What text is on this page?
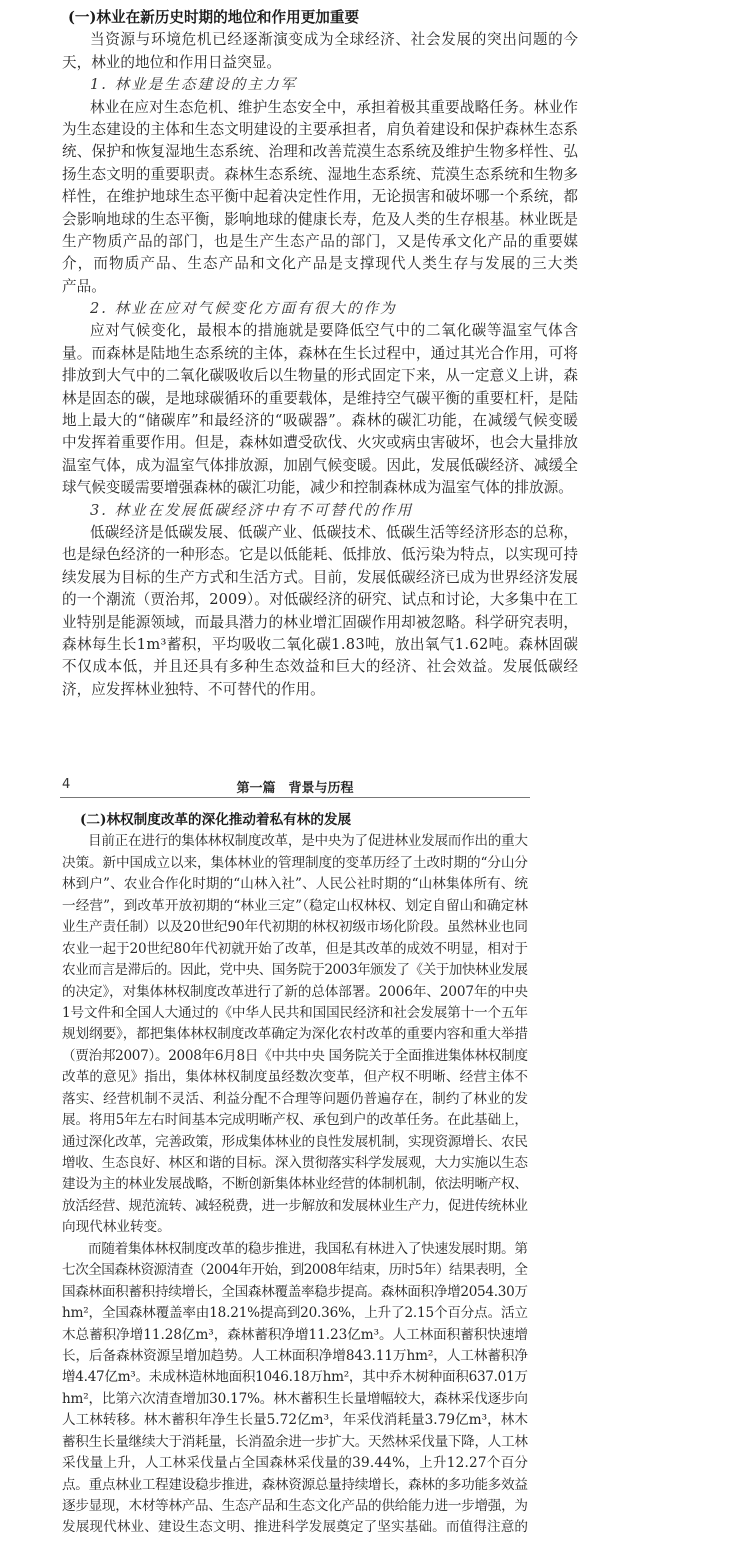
(一)林业在新历史时期的地位和作用更加重要
当资源与环境危机已经逐渐演变成为全球经济、社会发展的突出问题的今
天，林业的地位和作用日益突显。
1. 林业是生态建设的主力军
林业在应对生态危机、维护生态安全中，承担着极其重要战略任务。林业作
为生态建设的主体和生态文明建设的主要承担者，肩负着建设和保护森林生态系
统、保护和恢复湿地生态系统、治理和改善荒漠生态系统及维护生物多样性、弘
扬生态文明的重要职责。森林生态系统、湿地生态系统、荒漠生态系统和生物多
样性，在维护地球生态平衡中起着决定性作用，无论损害和破坏哪一个系统，都
会影响地球的生态平衡，影响地球的健康长寿，危及人类的生存根基。林业既是
生产物质产品的部门，也是生产生态产品的部门，又是传承文化产品的重要媒
介，而物质产品、生态产品和文化产品是支撑现代人类生存与发展的三大类
产品。
2. 林业在应对气候变化方面有很大的作为
应对气候变化，最根本的措施就是要降低空气中的二氧化碳等温室气体含
量。而森林是陆地生态系统的主体，森林在生长过程中，通过其光合作用，可将
排放到大气中的二氧化碳吸收后以生物量的形式固定下来，从一定意义上讲，森
林是固态的碳，是地球碳循环的重要载体，是维持空气碳平衡的重要杠杆，是陆
地上最大的“储碳库”和最经济的“吸碳器”。森林的碳汇功能，在减缓气候变暖
中发挥着重要作用。但是，森林如遭受砍伐、火灾或病虫害破坏，也会大量排放
温室气体，成为温室气体排放源，加剧气候变暖。因此，发展低碳经济、减缓全
球气候变暖需要增强森林的碳汇功能，减少和控制森林成为温室气体的排放源。
3. 林业在发展低碳经济中有不可替代的作用
低碳经济是低碳发展、低碳产业、低碳技术、低碳生活等经济形态的总称，
也是绿色经济的一种形态。它是以低能耗、低排放、低污染为特点，以实现可持
续发展为目标的生产方式和生活方式。目前，发展低碳经济已成为世界经济发展
的一个潮流（贾治邦，2009）。对低碳经济的研究、试点和讨论，大多集中在工
业特别是能源领域，而最具潜力的林业增汇固碳作用却被忽略。科学研究表明，
森林每生长1m³蓄积，平均吸收二氧化碳1.83吨，放出氧气1.62吨。森林固碳
不仅成本低，并且还具有多种生态效益和巨大的经济、社会效益。发展低碳经
济，应发挥林业独特、不可替代的作用。
4	第一篇　背景与历程
(二)林权制度改革的深化推动着私有林的发展
目前正在进行的集体林权制度改革，是中央为了促进林业发展而作出的重大
决策。新中国成立以来，集体林业的管理制度的变革历经了土改时期的“分山分
林到户”、农业合作化时期的“山林入社”、人民公社时期的“山林集体所有、统
一经营”，到改革开放初期的“林业三定”（稳定山权林权、划定自留山和确定林
业生产责任制）以及20世纪90年代初期的林权初级市场化阶段。虽然林业也同
农业一起于20世纪80年代初就开始了改革，但是其改革的成效不明显，相对于
农业而言是滞后的。因此，党中央、国务院于2003年颁发了《关于加快林业发展
的决定》，对集体林权制度改革进行了新的总体部署。2006年、2007年的中央
1号文件和全国人大通过的《中华人民共和国国民经济和社会发展第十一个五年
规划纲要》，都把集体林权制度改革确定为深化农村改革的重要内容和重大举措
（贾治邦2007）。2008年6月8日《中共中央 国务院关于全面推进集体林权制度
改革的意见》指出，集体林权制度虽经数次变革，但产权不明晰、经营主体不
落实、经营机制不灵活、利益分配不合理等问题仍普遍存在，制约了林业的发
展。将用5年左右时间基本完成明晰产权、承包到户的改革任务。在此基础上，
通过深化改革，完善政策，形成集体林业的良性发展机制，实现资源增长、农民
增收、生态良好、林区和谐的目标。深入贯彻落实科学发展观，大力实施以生态
建设为主的林业发展战略，不断创新集体林业经营的体制机制，依法明晰产权、
放活经营、规范流转、减轻税费，进一步解放和发展林业生产力，促进传统林业
向现代林业转变。
而随着集体林权制度改革的稳步推进，我国私有林进入了快速发展时期。第
七次全国森林资源清查（2004年开始，到2008年结束，历时5年）结果表明，全
国森林面积蓄积持续增长，全国森林覆盖率稳步提高。森林面积净增2054.30万
hm²，全国森林覆盖率由18.21%提高到20.36%，上升了2.15个百分点。活立
木总蓄积净增11.28亿m³，森林蓄积净增11.23亿m³。人工林面积蓄积快速增
长，后备森林资源呈增加趋势。人工林面积净增843.11万hm²，人工林蓄积净
增4.47亿m³。未成林造林地面积1046.18万hm²，其中乔木树种面积637.01万
hm²，比第六次清查增加30.17%。林木蓄积生长量增幅较大，森林采伐逐步向
人工林转移。林木蓄积年净生长量5.72亿m³，年采伐消耗量3.79亿m³，林木
蓄积生长量继续大于消耗量，长消盈余进一步扩大。天然林采伐量下降，人工林
采伐量上升，人工林采伐量占全国森林采伐量的39.44%，上升12.27个百分
点。重点林业工程建设稳步推进，森林资源总量持续增长，森林的多功能多效益
逐步显现，木材等林产品、生态产品和生态文化产品的供给能力进一步增强，为
发展现代林业、建设生态文明、推进科学发展奠定了坚实基础。而值得注意的
